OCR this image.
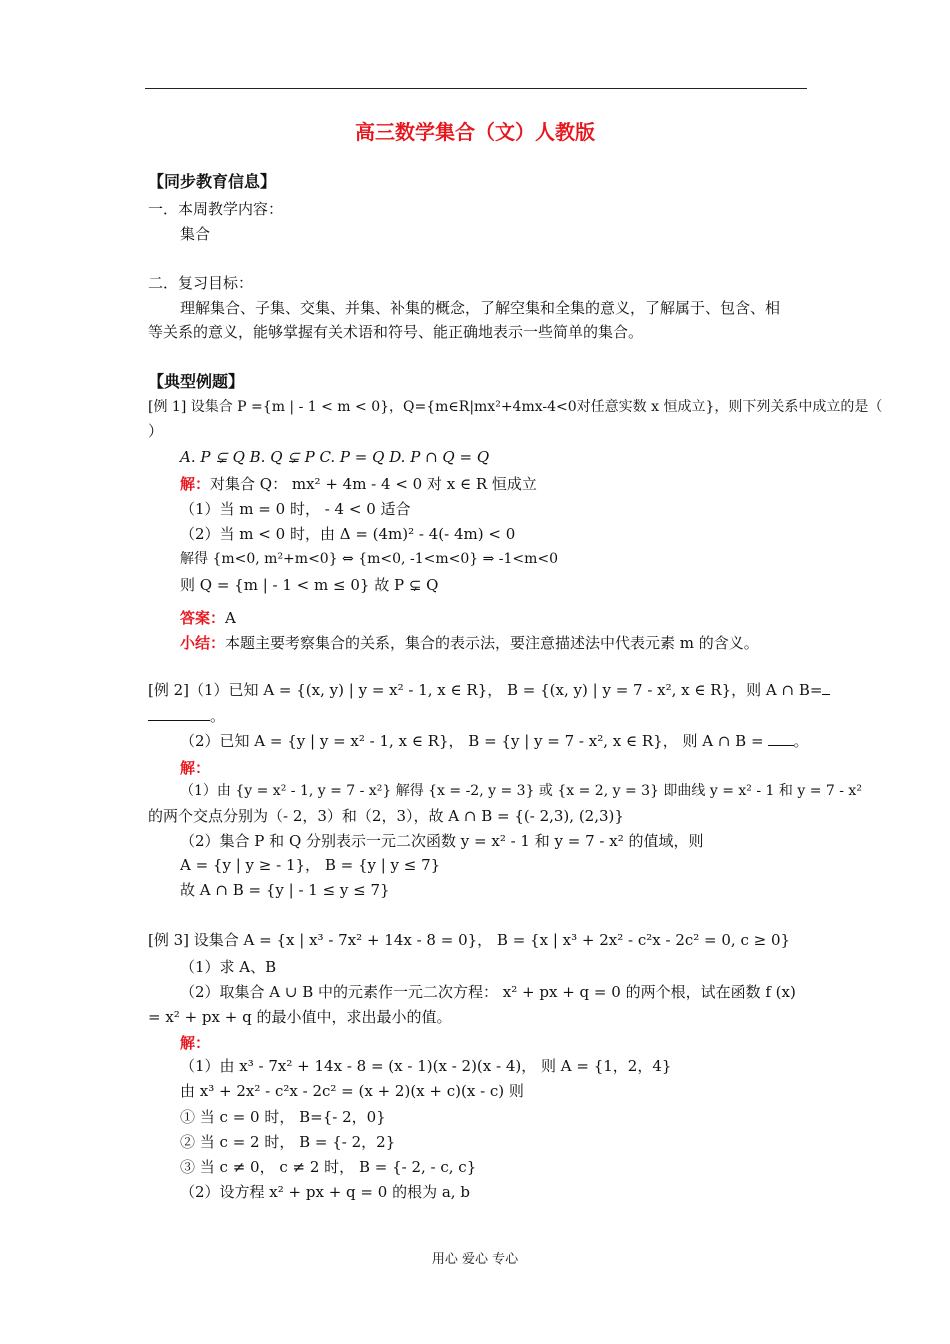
高三数学集合（文）人教版
【同步教育信息】
一．本周教学内容：
集合
二．复习目标：
理解集合、子集、交集、并集、补集的概念，了解空集和全集的意义，了解属于、包含、相
等关系的意义，能够掌握有关术语和符号、能正确地表示一些简单的集合。
【典型例题】
[例 1] 设集合 P ={m | - 1 < m < 0}，Q={m∈R|mx²+4mx-4<0对任意实数 x 恒成立}，则下列关系中成立的是（
）
A. P ⊊ Q B. Q ⊊ P C. P = Q D. P ∩ Q = Q
解：对集合 Q： mx² + 4m - 4 < 0 对 x ∈ R 恒成立
（1）当 m = 0 时， - 4 < 0 适合
（2）当 m < 0 时，由 Δ = (4m)² - 4(- 4m) < 0
解得 {m<0, m²+m<0} ⇔ {m<0, -1<m<0} ⇒ -1<m<0
则 Q = {m | - 1 < m ≤ 0} 故 P ⊊ Q
答案：A
小结：本题主要考察集合的关系，集合的表示法，要注意描述法中代表元素 m 的含义。
[例 2]（1）已知 A = {(x, y) | y = x² - 1, x ∈ R}， B = {(x, y) | y = 7 - x², x ∈ R}，则 A ∩ B=
。
（2）已知 A = {y | y = x² - 1, x ∈ R}， B = {y | y = 7 - x², x ∈ R}， 则 A ∩ B = 。
解：
（1）由 {y = x² - 1, y = 7 - x²} 解得 {x = -2, y = 3} 或 {x = 2, y = 3} 即曲线 y = x² - 1 和 y = 7 - x²
的两个交点分别为（- 2，3）和（2，3），故 A ∩ B = {(- 2,3), (2,3)}
（2）集合 P 和 Q 分别表示一元二次函数 y = x² - 1 和 y = 7 - x² 的值域，则
A = {y | y ≥ - 1}， B = {y | y ≤ 7}
故 A ∩ B = {y | - 1 ≤ y ≤ 7}
[例 3] 设集合 A = {x | x³ - 7x² + 14x - 8 = 0}， B = {x | x³ + 2x² - c²x - 2c² = 0, c ≥ 0}
（1）求 A、B
（2）取集合 A ∪ B 中的元素作一元二次方程： x² + px + q = 0 的两个根，试在函数 f (x)
= x² + px + q 的最小值中，求出最小的值。
解：
（1）由 x³ - 7x² + 14x - 8 = (x - 1)(x - 2)(x - 4)， 则 A = {1，2，4}
由 x³ + 2x² - c²x - 2c² = (x + 2)(x + c)(x - c) 则
① 当 c = 0 时， B={- 2，0}
② 当 c = 2 时， B = {- 2，2}
③ 当 c ≠ 0， c ≠ 2 时， B = {- 2, - c, c}
（2）设方程 x² + px + q = 0 的根为 a, b
用心 爱心 专心
